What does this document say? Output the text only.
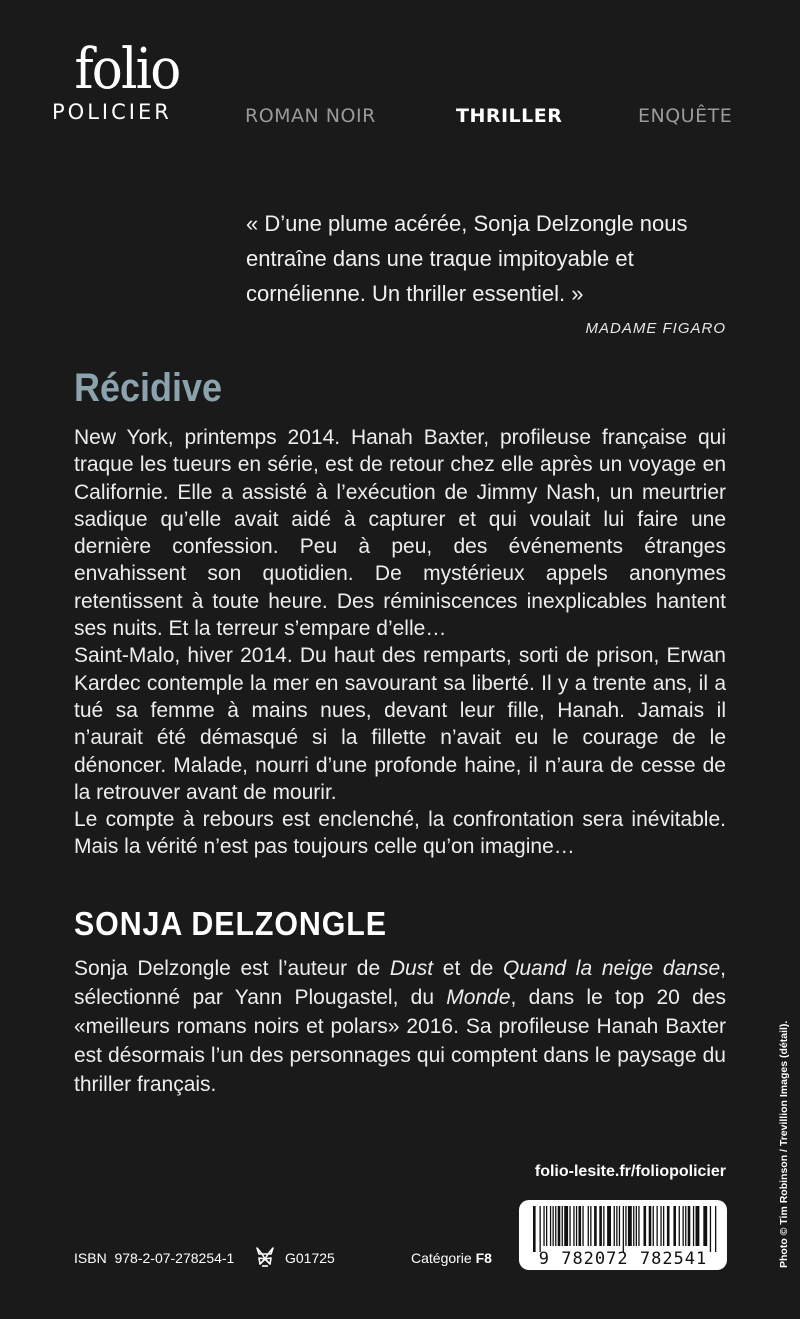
folio
POLICIER	ROMAN NOIR	THRILLER	ENQUÊTE

« D’une plume acérée, Sonja Delzongle nous entraîne dans une traque impitoyable et cornélienne. Un thriller essentiel. »

MADAME FIGARO
Récidive

New York, printemps 2014. Hanah Baxter, profileuse française qui traque les tueurs en série, est de retour chez elle après un voyage en Californie. Elle a assisté à l’exécution de Jimmy Nash, un meurtrier sadique qu’elle avait aidé à capturer et qui voulait lui faire une dernière confession. Peu à peu, des événements étranges envahissent son quotidien. De mystérieux appels anonymes retentissent à toute heure. Des réminiscences inexplicables hantent ses nuits. Et la terreur s’empare d’elle…

Saint-Malo, hiver 2014. Du haut des remparts, sorti de prison, Erwan Kardec contemple la mer en savourant sa liberté. Il y a trente ans, il a tué sa femme à mains nues, devant leur fille, Hanah. Jamais il n’aurait été démasqué si la fillette n’avait eu le courage de le dénoncer. Malade, nourri d’une profonde haine, il n’aura de cesse de la retrouver avant de mourir.

Le compte à rebours est enclenché, la confrontation sera inévitable. Mais la vérité n’est pas toujours celle qu’on imagine…

SONJA DELZONGLE

Sonja Delzongle est l’auteur de Dust et de Quand la neige danse, sélectionné par Yann Plougastel, du Monde, dans le top 20 des «meilleurs romans noirs et polars» 2016. Sa profileuse Hanah Baxter est désormais l’un des personnages qui comptent dans le paysage du thriller français.

folio-lesite.fr/foliopolicier
ISBN 978-2-07-278254-1	G01725	Catégorie F8	9 782072 782541	Photo © Tim Robinson / Trevillion Images (détail).
